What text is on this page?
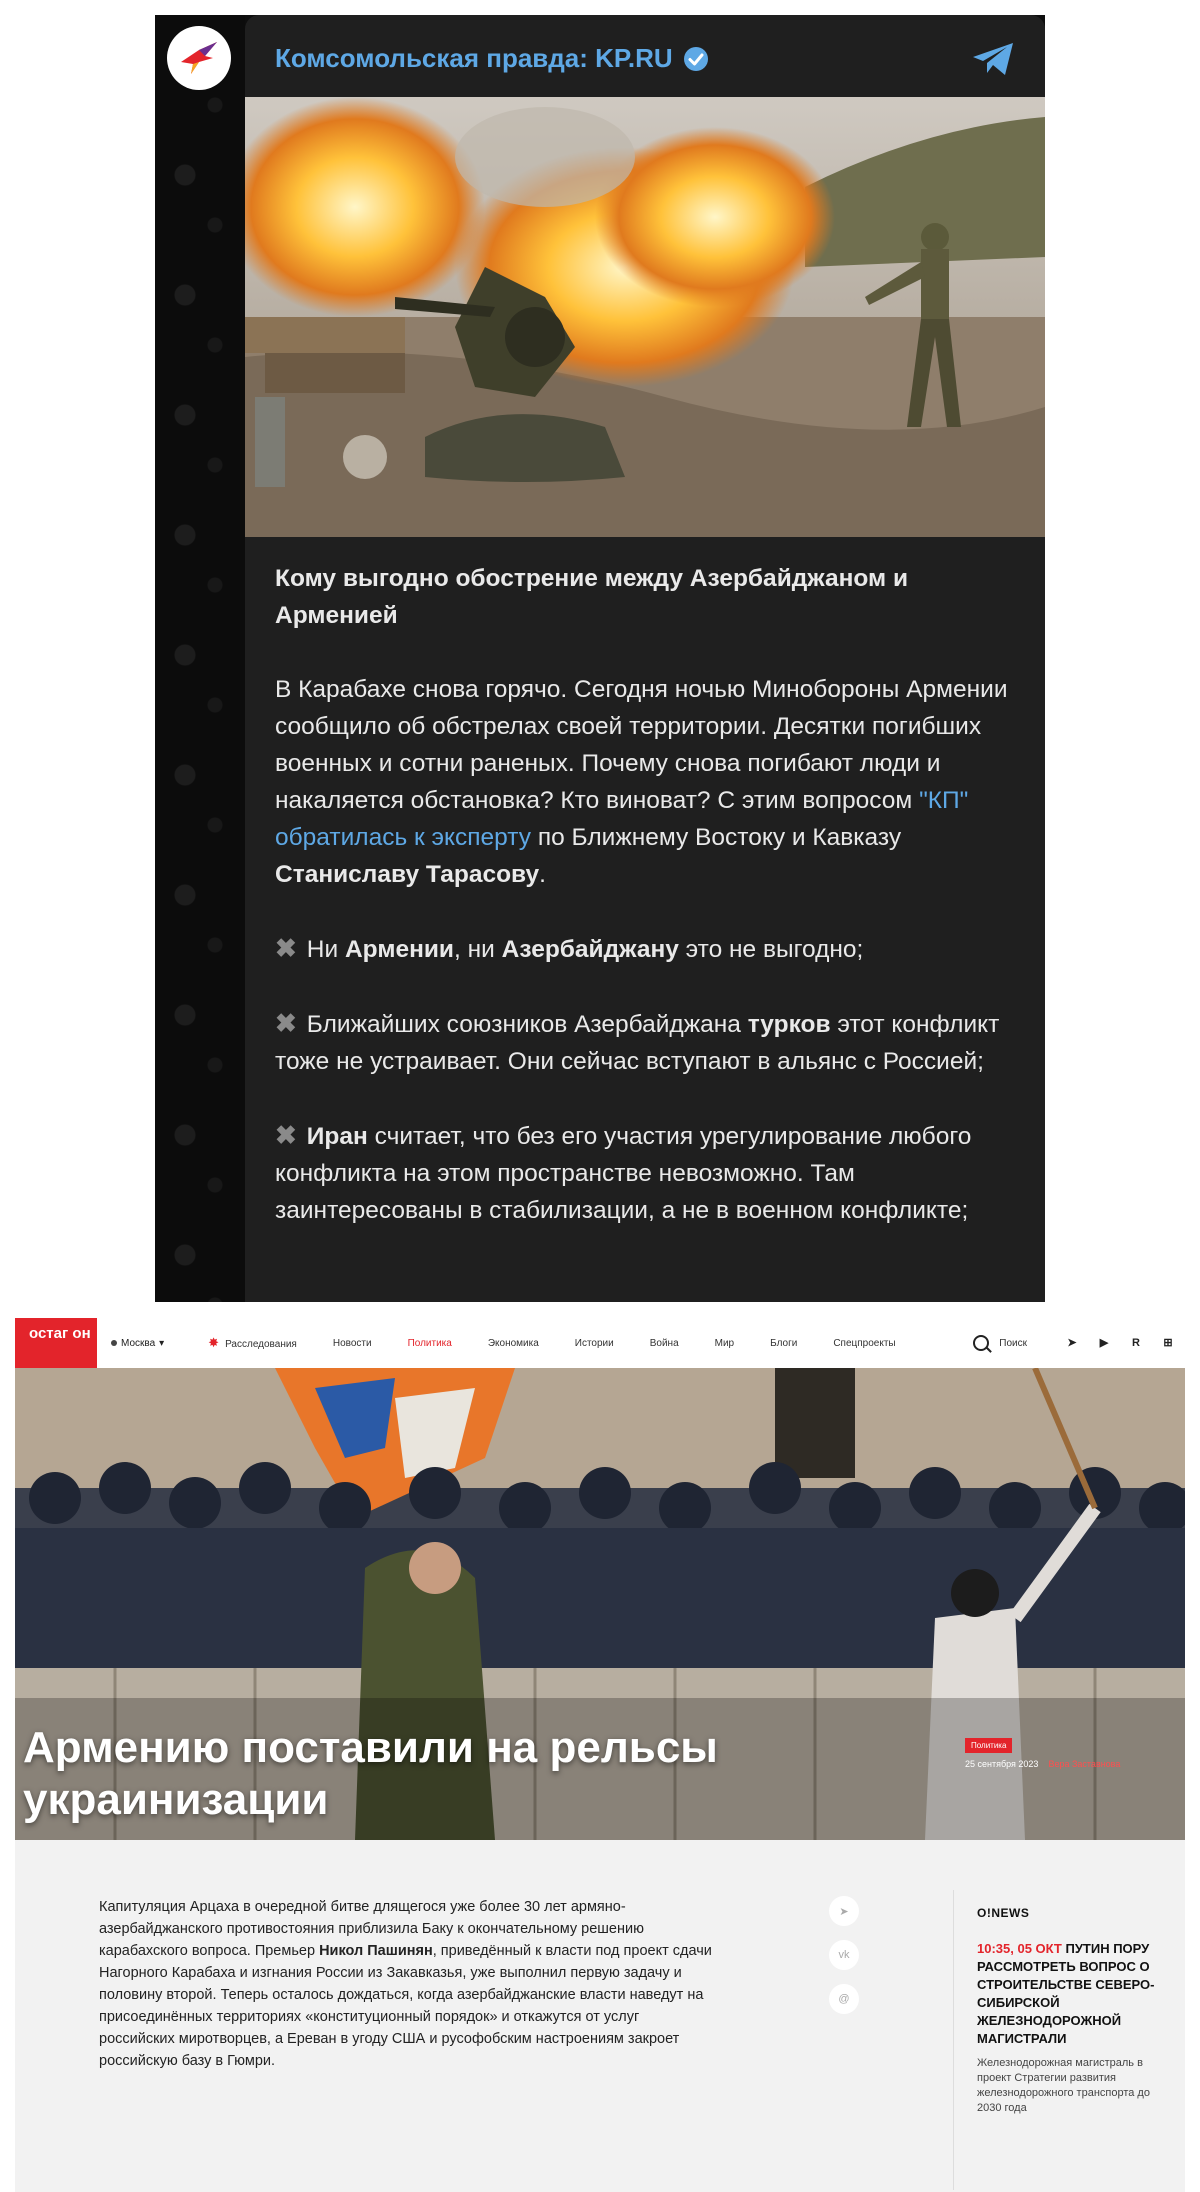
Комсомольская правда: KP.RU
Кому выгодно обострение между Азербайджаном и Арменией
В Карабахе снова горячо. Сегодня ночью Минобороны Армении сообщило об обстрелах своей территории. Десятки погибших военных и сотни раненых. Почему снова погибают люди и накаляется обстановка? Кто виноват? С этим вопросом "КП" обратилась к эксперту по Ближнему Востоку и Кавказу Станиславу Тарасову.
✖ Ни Армении, ни Азербайджану это не выгодно;
✖ Ближайших союзников Азербайджана турков этот конфликт тоже не устраивает. Они сейчас вступают в альянс с Россией;
✖ Иран считает, что без его участия урегулирование любого конфликта на этом пространстве невозможно. Там заинтересованы в стабилизации, а не в военном конфликте;
остаг он
Москва ▾	✸ Расследования	Новости	Политика	Экономика	Истории	Война	Мир	Блоги	Спецпроекты	Поиск	➤ ▶ R ⊞
Армению поставили на рельсы украинизации
Политика
25 сентября 2023 Вера Заставнова
Капитуляция Арцаха в очередной битве длящегося уже более 30 лет армяно-азербайджанского противостояния приблизила Баку к окончательному решению карабахского вопроса. Премьер Никол Пашинян, приведённый к власти под проект сдачи Нагорного Карабаха и изгнания России из Закавказья, уже выполнил первую задачу и половину второй. Теперь осталось дождаться, когда азербайджанские власти наведут на присоединённых территориях «конституционный порядок» и откажутся от услуг российских миротворцев, а Ереван в угоду США и русофобским настроениям закроет российскую базу в Гюмри.
➤
vk
@
O!NEWS
10:35, 05 ОКТ ПУТИН ПОРУ РАССМОТРЕТЬ ВОПРОС О СТРОИТЕЛЬСТВЕ СЕВЕРО-СИБИРСКОЙ ЖЕЛЕЗНОДОРОЖНОЙ МАГИСТРАЛИ
Железнодорожная магистраль в проект Стратегии развития железнодорожного транспорта до 2030 года
